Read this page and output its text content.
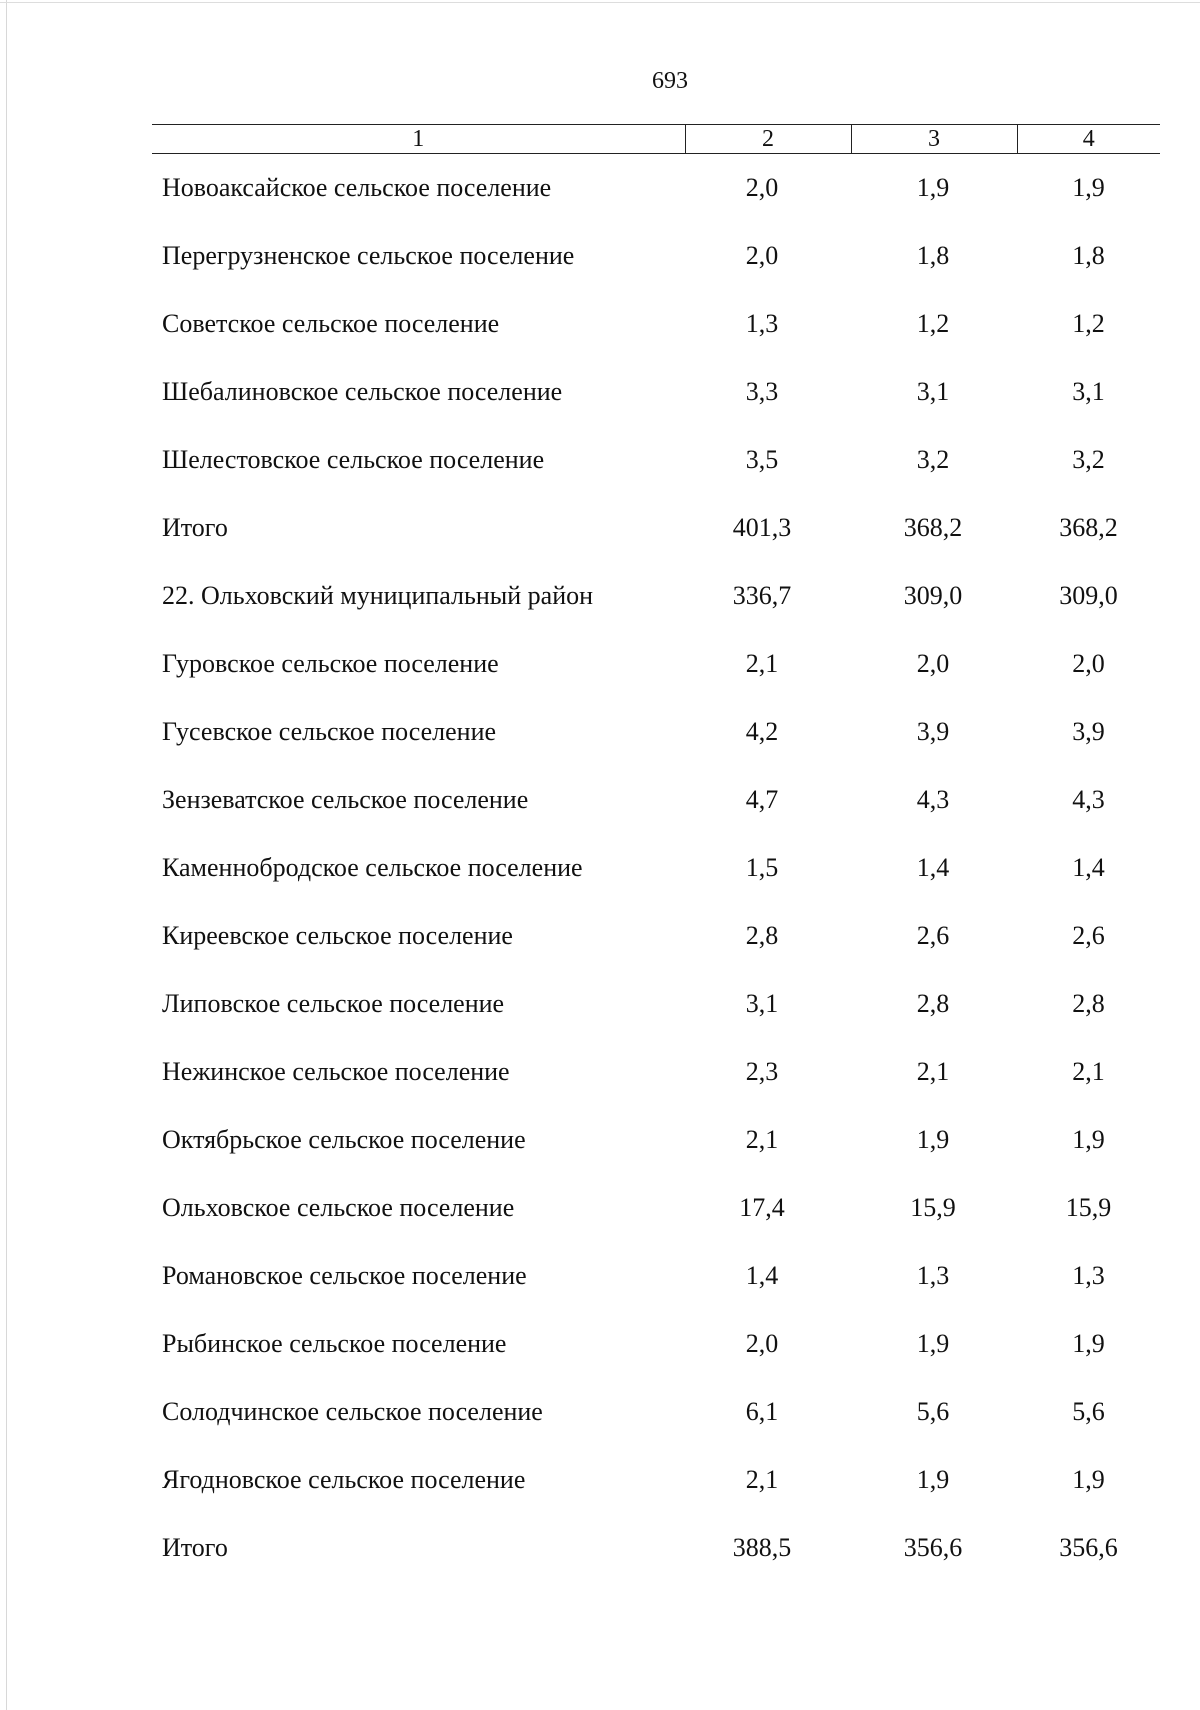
693
1	2	3	4
Новоаксайское сельское поселение	2,0	1,9	1,9
Перегрузненское сельское поселение	2,0	1,8	1,8
Советское сельское поселение	1,3	1,2	1,2
Шебалиновское сельское поселение	3,3	3,1	3,1
Шелестовское сельское поселение	3,5	3,2	3,2
Итого	401,3	368,2	368,2
22. Ольховский муниципальный район	336,7	309,0	309,0
Гуровское сельское поселение	2,1	2,0	2,0
Гусевское сельское поселение	4,2	3,9	3,9
Зензеватское сельское поселение	4,7	4,3	4,3
Каменнобродское сельское поселение	1,5	1,4	1,4
Киреевское сельское поселение	2,8	2,6	2,6
Липовское сельское поселение	3,1	2,8	2,8
Нежинское сельское поселение	2,3	2,1	2,1
Октябрьское сельское поселение	2,1	1,9	1,9
Ольховское сельское поселение	17,4	15,9	15,9
Романовское сельское поселение	1,4	1,3	1,3
Рыбинское сельское поселение	2,0	1,9	1,9
Солодчинское сельское поселение	6,1	5,6	5,6
Ягодновское сельское поселение	2,1	1,9	1,9
Итого	388,5	356,6	356,6
